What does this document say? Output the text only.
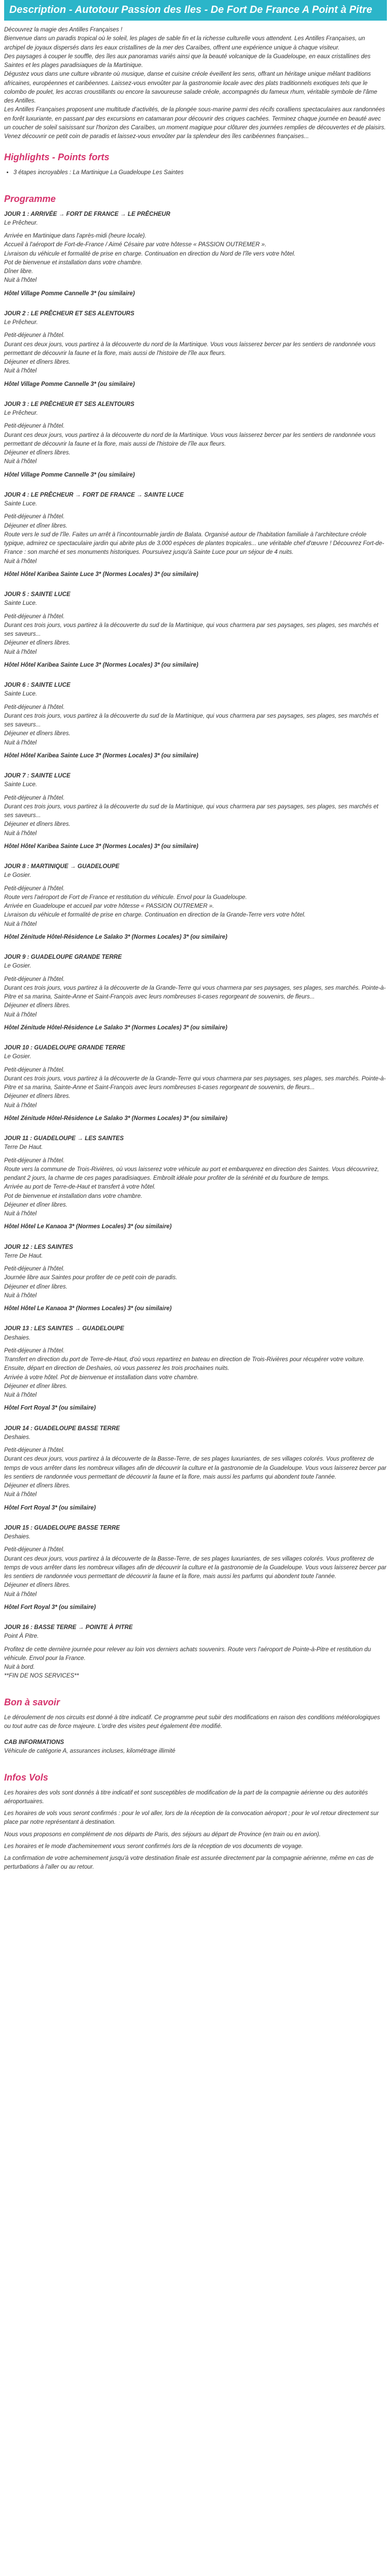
Description - Autotour Passion des Iles - De Fort De France A Point à Pitre

Découvrez la magie des Antilles Françaises !

Bienvenue dans un paradis tropical où le soleil, les plages de sable fin et la richesse culturelle vous attendent. Les Antilles Françaises, un archipel de joyaux dispersés dans les eaux cristallines de la mer des Caraïbes, offrent une expérience unique à chaque visiteur.

Des paysages à couper le souffle, des îles aux panoramas variés ainsi que la beauté volcanique de la Guadeloupe, en eaux cristallines des Saintes et les plages paradisiaques de la Martinique.

Dégustez vous dans une culture vibrante où musique, danse et cuisine créole éveillent les sens, offrant un héritage unique mêlant traditions africaines, européennes et caribéennes. Laissez-vous envoûter par la gastronomie locale avec des plats traditionnels exotiques tels que le colombo de poulet, les accras croustillants ou encore la savoureuse salade créole, accompagnés du fameux rhum, véritable symbole de l'âme des Antilles.

Les Antilles Françaises proposent une multitude d'activités, de la plongée sous-marine parmi des récifs coralliens spectaculaires aux randonnées en forêt luxuriante, en passant par des excursions en catamaran pour découvrir des criques cachées. Terminez chaque journée en beauté avec un coucher de soleil saisissant sur l'horizon des Caraïbes, un moment magique pour clôturer des journées remplies de découvertes et de plaisirs.

Venez découvrir ce petit coin de paradis et laissez-vous envoûter par la splendeur des îles caribéennes françaises...

Highlights - Points forts
• 3 étapes incroyables : La Martinique La Guadeloupe Les Saintes
Programme

JOUR 1 : ARRIVÉE → FORT DE FRANCE → LE PRÊCHEUR

Le Prêcheur.

Arrivée en Martinique dans l'après-midi (heure locale).
Accueil à l'aéroport de Fort-de-France / Aimé Césaire par votre hôtesse « PASSION OUTREMER ».
Livraison du véhicule et formalité de prise en charge. Continuation en direction du Nord de l'île vers votre hôtel.
Pot de bienvenue et installation dans votre chambre.
Dîner libre.
Nuit à l'hôtel

Hôtel Village Pomme Cannelle 3* (ou similaire)

JOUR 2 : LE PRÊCHEUR ET SES ALENTOURS

Le Prêcheur.

Petit-déjeuner à l'hôtel.
Durant ces deux jours, vous partirez à la découverte du nord de la Martinique. Vous vous laisserez bercer par les sentiers de randonnée vous permettant de découvrir la faune et la flore, mais aussi de l'histoire de l'île aux fleurs.
Déjeuner et dîners libres.
Nuit à l'hôtel

Hôtel Village Pomme Cannelle 3* (ou similaire)

JOUR 3 : LE PRÊCHEUR ET SES ALENTOURS

Le Prêcheur.

Petit-déjeuner à l'hôtel.
Durant ces deux jours, vous partirez à la découverte du nord de la Martinique. Vous vous laisserez bercer par les sentiers de randonnée vous permettant de découvrir la faune et la flore, mais aussi de l'histoire de l'île aux fleurs.
Déjeuner et dîners libres.
Nuit à l'hôtel

Hôtel Village Pomme Cannelle 3* (ou similaire)

JOUR 4 : LE PRÊCHEUR → FORT DE FRANCE → SAINTE LUCE

Sainte Luce.

Petit-déjeuner à l'hôtel.
Déjeuner et dîner libres.
Route vers le sud de l'île. Faites un arrêt à l'incontournable jardin de Balata. Organisé autour de l'habitation familiale à l'architecture créole typique, admirez ce spectaculaire jardin qui abrite plus de 3.000 espèces de plantes tropicales... une véritable chef d'œuvre ! Découvrez Fort-de-France : son marché et ses monuments historiques. Poursuivez jusqu'à Sainte Luce pour un séjour de 4 nuits.
Nuit à l'hôtel

Hôtel Hôtel Karibea Sainte Luce 3* (Normes Locales) 3* (ou similaire)

JOUR 5 : SAINTE LUCE

Sainte Luce.

Petit-déjeuner à l'hôtel.
Durant ces trois jours, vous partirez à la découverte du sud de la Martinique, qui vous charmera par ses paysages, ses plages, ses marchés et ses saveurs...
Déjeuner et dîners libres.
Nuit à l'hôtel

Hôtel Hôtel Karibea Sainte Luce 3* (Normes Locales) 3* (ou similaire)

JOUR 6 : SAINTE LUCE

Sainte Luce.

Petit-déjeuner à l'hôtel.
Durant ces trois jours, vous partirez à la découverte du sud de la Martinique, qui vous charmera par ses paysages, ses plages, ses marchés et ses saveurs...
Déjeuner et dîners libres.
Nuit à l'hôtel

Hôtel Hôtel Karibea Sainte Luce 3* (Normes Locales) 3* (ou similaire)

JOUR 7 : SAINTE LUCE

Sainte Luce.

Petit-déjeuner à l'hôtel.
Durant ces trois jours, vous partirez à la découverte du sud de la Martinique, qui vous charmera par ses paysages, ses plages, ses marchés et ses saveurs...
Déjeuner et dîners libres.
Nuit à l'hôtel

Hôtel Hôtel Karibea Sainte Luce 3* (Normes Locales) 3* (ou similaire)

JOUR 8 : MARTINIQUE → GUADELOUPE

Le Gosier.

Petit-déjeuner à l'hôtel.
Route vers l'aéroport de Fort de France et restitution du véhicule. Envol pour la Guadeloupe.
Arrivée en Guadeloupe et accueil par votre hôtesse « PASSION OUTREMER ».
Livraison du véhicule et formalité de prise en charge. Continuation en direction de la Grande-Terre vers votre hôtel.
Nuit à l'hôtel

Hôtel Zénitude Hôtel-Résidence Le Salako 3* (Normes Locales) 3* (ou similaire)

JOUR 9 : GUADELOUPE GRANDE TERRE

Le Gosier.

Petit-déjeuner à l'hôtel.
Durant ces trois jours, vous partirez à la découverte de la Grande-Terre qui vous charmera par ses paysages, ses plages, ses marchés. Pointe-à-Pitre et sa marina, Sainte-Anne et Saint-François avec leurs nombreuses ti-cases regorgeant de souvenirs, de fleurs...
Déjeuner et dîners libres.
Nuit à l'hôtel

Hôtel Zénitude Hôtel-Résidence Le Salako 3* (Normes Locales) 3* (ou similaire)

JOUR 10 : GUADELOUPE GRANDE TERRE

Le Gosier.

Petit-déjeuner à l'hôtel.
Durant ces trois jours, vous partirez à la découverte de la Grande-Terre qui vous charmera par ses paysages, ses plages, ses marchés. Pointe-à-Pitre et sa marina, Sainte-Anne et Saint-François avec leurs nombreuses ti-cases regorgeant de souvenirs, de fleurs...
Déjeuner et dîners libres.
Nuit à l'hôtel

Hôtel Zénitude Hôtel-Résidence Le Salako 3* (Normes Locales) 3* (ou similaire)

JOUR 11 : GUADELOUPE → LES SAINTES

Terre De Haut.

Petit-déjeuner à l'hôtel.
Route vers la commune de Trois-Rivières, où vous laisserez votre véhicule au port et embarquerez en direction des Saintes. Vous découvrirez, pendant 2 jours, la charme de ces pages paradisiaques. Embroilt idéale pour profiter de la sérénité et du fourbure de temps.
Arrivée au port de Terre-de-Haut et transfert à votre hôtel.
Pot de bienvenue et installation dans votre chambre.
Déjeuner et dîner libres.
Nuit à l'hôtel

Hôtel Hôtel Le Kanaoa 3* (Normes Locales) 3* (ou similaire)

JOUR 12 : LES SAINTES

Terre De Haut.

Petit-déjeuner à l'hôtel.
Journée libre aux Saintes pour profiter de ce petit coin de paradis.
Déjeuner et dîner libres.
Nuit à l'hôtel

Hôtel Hôtel Le Kanaoa 3* (Normes Locales) 3* (ou similaire)

JOUR 13 : LES SAINTES → GUADELOUPE

Deshaies.

Petit-déjeuner à l'hôtel.
Transfert en direction du port de Terre-de-Haut, d'où vous repartirez en bateau en direction de Trois-Rivières pour récupérer votre voiture. Ensuite, départ en direction de Deshaies, où vous passerez les trois prochaines nuits.
Arrivée à votre hôtel. Pot de bienvenue et installation dans votre chambre.
Déjeuner et dîner libres.
Nuit à l'hôtel

Hôtel Fort Royal 3* (ou similaire)

JOUR 14 : GUADELOUPE BASSE TERRE

Deshaies.

Petit-déjeuner à l'hôtel.
Durant ces deux jours, vous partirez à la découverte de la Basse-Terre, de ses plages luxuriantes, de ses villages colorés. Vous profiterez de temps de vous arrêter dans les nombreux villages afin de découvrir la culture et la gastronomie de la Guadeloupe. Vous vous laisserez bercer par les sentiers de randonnée vous permettant de découvrir la faune et la flore, mais aussi les parfums qui abondent toute l'année.
Déjeuner et dîners libres.
Nuit à l'hôtel

Hôtel Fort Royal 3* (ou similaire)

JOUR 15 : GUADELOUPE BASSE TERRE

Deshaies.

Petit-déjeuner à l'hôtel.
Durant ces deux jours, vous partirez à la découverte de la Basse-Terre, de ses plages luxuriantes, de ses villages colorés. Vous profiterez de temps de vous arrêter dans les nombreux villages afin de découvrir la culture et la gastronomie de la Guadeloupe. Vous vous laisserez bercer par les sentiers de randonnée vous permettant de découvrir la faune et la flore, mais aussi les parfums qui abondent toute l'année.
Déjeuner et dîners libres.
Nuit à l'hôtel

Hôtel Fort Royal 3* (ou similaire)

JOUR 16 : BASSE TERRE → POINTE À PITRE

Point À Pitre.

Profitez de cette dernière journée pour relever au loin vos derniers achats souvenirs. Route vers l'aéroport de Pointe-à-Pitre et restitution du véhicule. Envol pour la France.
Nuit à bord.
**FIN DE NOS SERVICES**
Bon à savoir

Le déroulement de nos circuits est donné à titre indicatif. Ce programme peut subir des modifications en raison des conditions météorologiques ou tout autre cas de force majeure. L'ordre des visites peut également être modifié.

CAB INFORMATIONS

Véhicule de catégorie A, assurances incluses, kilométrage illimité

Infos Vols

Les horaires des vols sont donnés à titre indicatif et sont susceptibles de modification de la part de la compagnie aérienne ou des autorités aéroportuaires.

Les horaires de vols vous seront confirmés : pour le vol aller, lors de la réception de la convocation aéroport ; pour le vol retour directement sur place par notre représentant à destination.

Nous vous proposons en complément de nos départs de Paris, des séjours au départ de Province (en train ou en avion).

Les horaires et le mode d'acheminement vous seront confirmés lors de la réception de vos documents de voyage.

La confirmation de votre acheminement jusqu'à votre destination finale est assurée directement par la compagnie aérienne, même en cas de perturbations à l'aller ou au retour.
